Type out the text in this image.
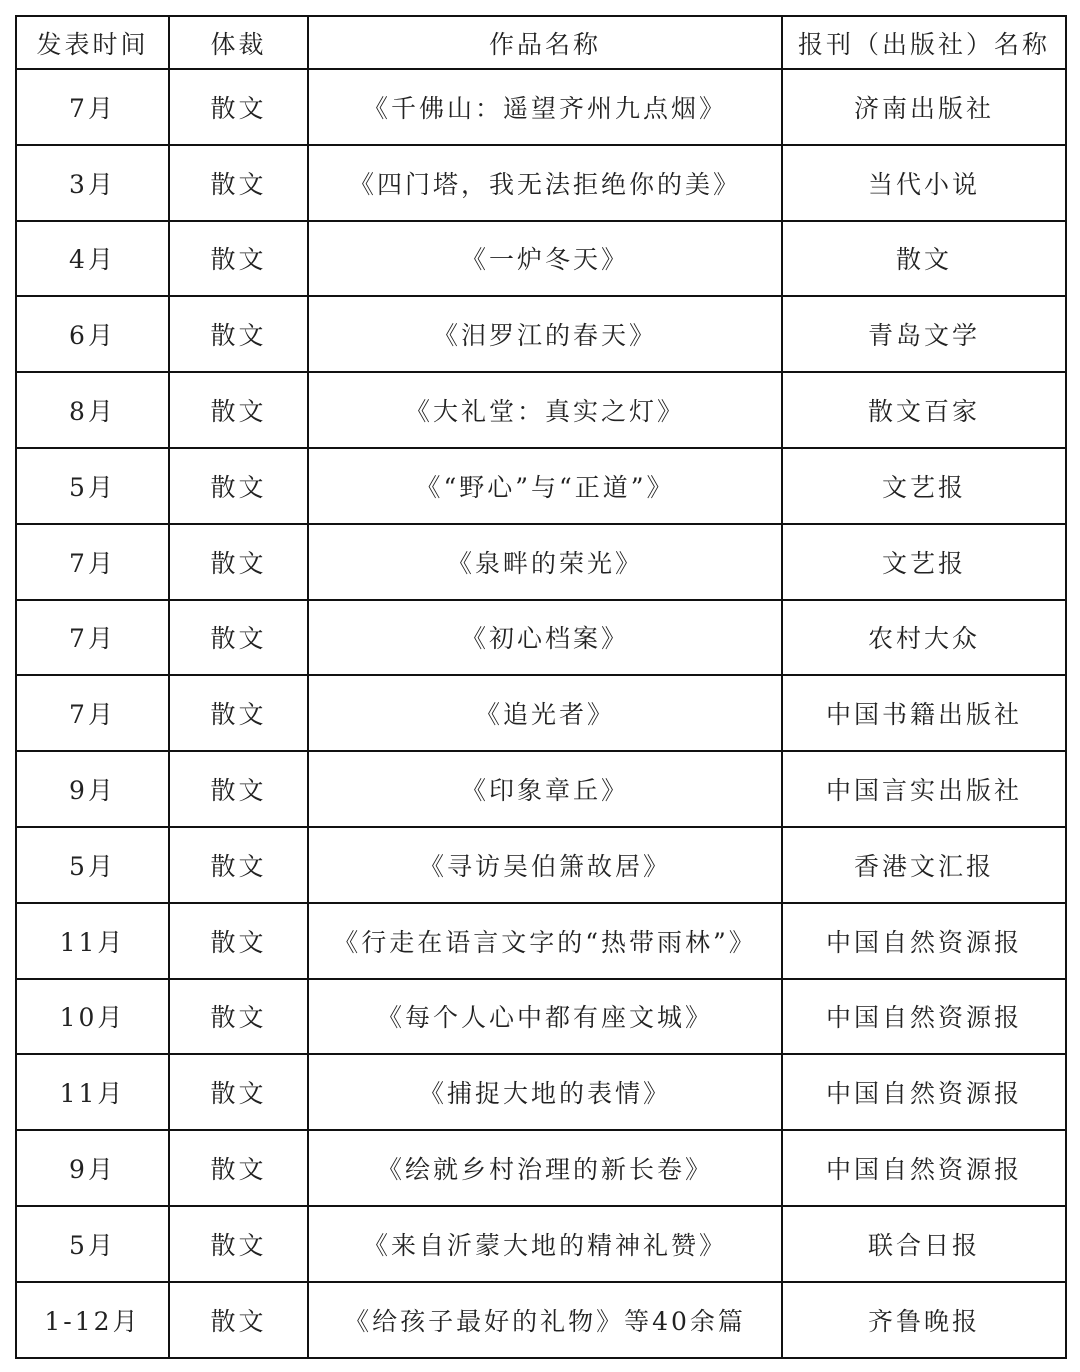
发表时间	体裁	作品名称	报刊（出版社）名称
7月	散文	《千佛山：遥望齐州九点烟》	济南出版社
3月	散文	《四门塔，我无法拒绝你的美》	当代小说
4月	散文	《一炉冬天》	散文
6月	散文	《汨罗江的春天》	青岛文学
8月	散文	《大礼堂：真实之灯》	散文百家
5月	散文	《“野心”与“正道”》	文艺报
7月	散文	《泉畔的荣光》	文艺报
7月	散文	《初心档案》	农村大众
7月	散文	《追光者》	中国书籍出版社
9月	散文	《印象章丘》	中国言实出版社
5月	散文	《寻访吴伯箫故居》	香港文汇报
11月	散文	《行走在语言文字的“热带雨林”》	中国自然资源报
10月	散文	《每个人心中都有座文城》	中国自然资源报
11月	散文	《捕捉大地的表情》	中国自然资源报
9月	散文	《绘就乡村治理的新长卷》	中国自然资源报
5月	散文	《来自沂蒙大地的精神礼赞》	联合日报
1-12月	散文	《给孩子最好的礼物》等40余篇	齐鲁晚报
